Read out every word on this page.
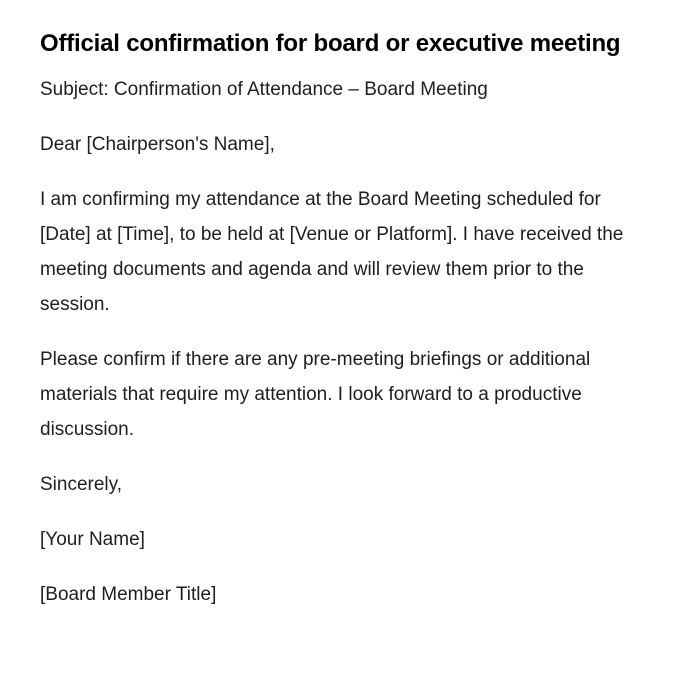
Official confirmation for board or executive meeting

Subject: Confirmation of Attendance – Board Meeting

Dear [Chairperson's Name],

I am confirming my attendance at the Board Meeting scheduled for [Date] at [Time], to be held at [Venue or Platform]. I have received the meeting documents and agenda and will review them prior to the session.

Please confirm if there are any pre-meeting briefings or additional materials that require my attention. I look forward to a productive discussion.

Sincerely,

[Your Name]

[Board Member Title]
